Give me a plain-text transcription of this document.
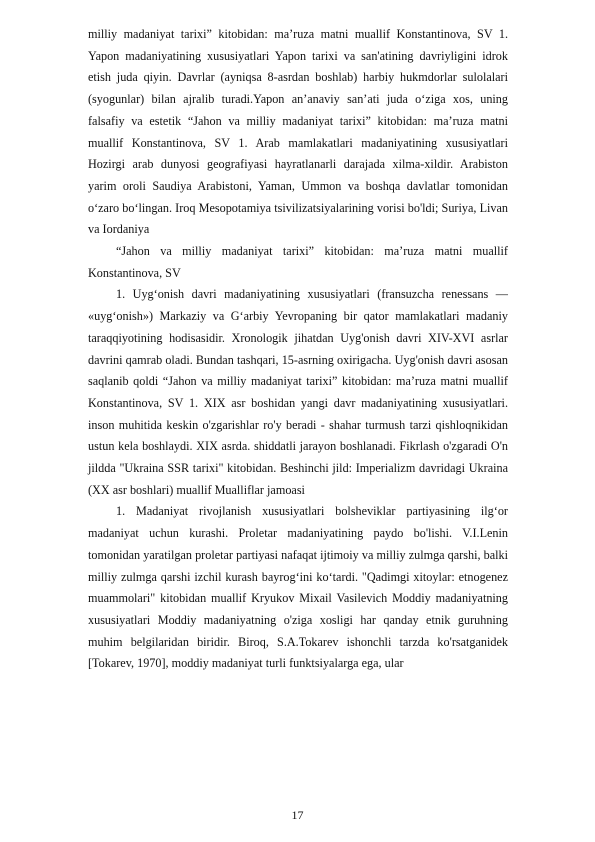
milliy madaniyat tarixi” kitobidan: ma’ruza matni muallif Konstantinova, SV 1. Yapon madaniyatining xususiyatlari Yapon tarixi va san'atining davriyligini idrok etish juda qiyin. Davrlar (ayniqsa 8-asrdan boshlab) harbiy hukmdorlar sulolalari (syogunlar) bilan ajralib turadi.Yapon an’anaviy san’ati juda o‘ziga xos, uning falsafiy va estetik “Jahon va milliy madaniyat tarixi” kitobidan: ma’ruza matni muallif Konstantinova, SV 1. Arab mamlakatlari madaniyatining xususiyatlari Hozirgi arab dunyosi geografiyasi hayratlanarli darajada xilma-xildir. Arabiston yarim oroli Saudiya Arabistoni, Yaman, Ummon va boshqa davlatlar tomonidan o‘zaro bo‘lingan. Iroq Mesopotamiya tsivilizatsiyalarining vorisi bo'ldi; Suriya, Livan va Iordaniya

“Jahon va milliy madaniyat tarixi” kitobidan: ma’ruza matni muallif Konstantinova, SV

1. Uyg‘onish davri madaniyatining xususiyatlari (fransuzcha renessans — «uyg‘onish») Markaziy va G‘arbiy Yevropaning bir qator mamlakatlari madaniy taraqqiyotining hodisasidir. Xronologik jihatdan Uyg'onish davri XIV-XVI asrlar davrini qamrab oladi. Bundan tashqari, 15-asrning oxirigacha. Uyg'onish davri asosan saqlanib qoldi “Jahon va milliy madaniyat tarixi” kitobidan: ma’ruza matni muallif Konstantinova, SV 1. XIX asr boshidan yangi davr madaniyatining xususiyatlari. inson muhitida keskin o'zgarishlar ro'y beradi - shahar turmush tarzi qishloqnikidan ustun kela boshlaydi. XIX asrda. shiddatli jarayon boshlanadi. Fikrlash o'zgaradi O'n jildda "Ukraina SSR tarixi" kitobidan. Beshinchi jild: Imperializm davridagi Ukraina (XX asr boshlari) muallif Mualliflar jamoasi

1. Madaniyat rivojlanish xususiyatlari bolsheviklar partiyasining ilg‘or madaniyat uchun kurashi. Proletar madaniyatining paydo bo'lishi. V.I.Lenin tomonidan yaratilgan proletar partiyasi nafaqat ijtimoiy va milliy zulmga qarshi, balki milliy zulmga qarshi izchil kurash bayrog‘ini ko‘tardi. "Qadimgi xitoylar: etnogenez muammolari" kitobidan muallif Kryukov Mixail Vasilevich Moddiy madaniyatning xususiyatlari Moddiy madaniyatning o'ziga xosligi har qanday etnik guruhning muhim belgilaridan biridir. Biroq, S.A.Tokarev ishonchli tarzda ko'rsatganidek [Tokarev, 1970], moddiy madaniyat turli funktsiyalarga ega, ular

17
